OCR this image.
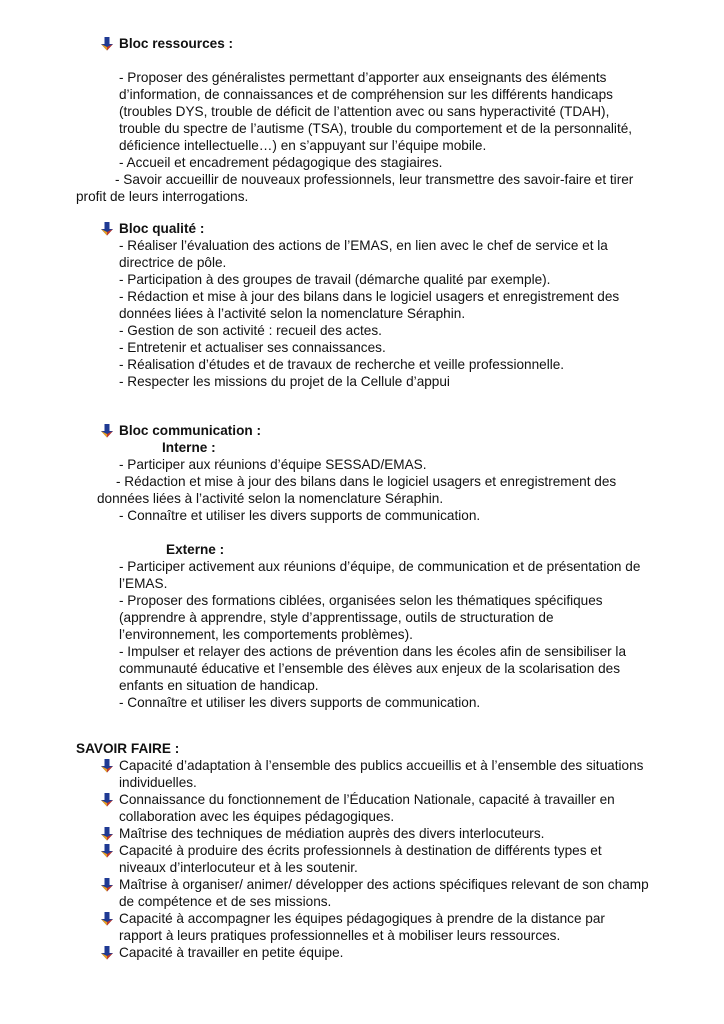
Bloc ressources :
- Proposer des généralistes permettant d’apporter aux enseignants des éléments
d’information, de connaissances et de compréhension sur les différents handicaps
(troubles DYS, trouble de déficit de l’attention avec ou sans hyperactivité (TDAH),
trouble du spectre de l’autisme (TSA), trouble du comportement et de la personnalité,
déficience intellectuelle…) en s’appuyant sur l’équipe mobile.
- Accueil et encadrement pédagogique des stagiaires.
- Savoir accueillir de nouveaux professionnels, leur transmettre des savoir-faire et tirer
profit de leurs interrogations.
Bloc qualité :
- Réaliser l’évaluation des actions de l’EMAS, en lien avec le chef de service et la
directrice de pôle.
- Participation à des groupes de travail (démarche qualité par exemple).
- Rédaction et mise à jour des bilans dans le logiciel usagers et enregistrement des
données liées à l’activité selon la nomenclature Séraphin.
- Gestion de son activité : recueil des actes.
- Entretenir et actualiser ses connaissances.
- Réalisation d’études et de travaux de recherche et veille professionnelle.
- Respecter les missions du projet de la Cellule d’appui
Bloc communication :
Interne :
- Participer aux réunions d’équipe SESSAD/EMAS.
- Rédaction et mise à jour des bilans dans le logiciel usagers et enregistrement des
données liées à l’activité selon la nomenclature Séraphin.
- Connaître et utiliser les divers supports de communication.
Externe :
- Participer activement aux réunions d’équipe, de communication et de présentation de
l’EMAS.
- Proposer des formations ciblées, organisées selon les thématiques spécifiques
(apprendre à apprendre, style d’apprentissage, outils de structuration de
l’environnement, les comportements problèmes).
- Impulser et relayer des actions de prévention dans les écoles afin de sensibiliser la
communauté éducative et l’ensemble des élèves aux enjeux de la scolarisation des
enfants en situation de handicap.
- Connaître et utiliser les divers supports de communication.
SAVOIR FAIRE :
Capacité d’adaptation à l’ensemble des publics accueillis et à l’ensemble des situations
individuelles.
Connaissance du fonctionnement de l’Éducation Nationale, capacité à travailler en
collaboration avec les équipes pédagogiques.
Maîtrise des techniques de médiation auprès des divers interlocuteurs.
Capacité à produire des écrits professionnels à destination de différents types et
niveaux d’interlocuteur et à les soutenir.
Maîtrise à organiser/ animer/ développer des actions spécifiques relevant de son champ
de compétence et de ses missions.
Capacité à accompagner les équipes pédagogiques à prendre de la distance par
rapport à leurs pratiques professionnelles et à mobiliser leurs ressources.
Capacité à travailler en petite équipe.
